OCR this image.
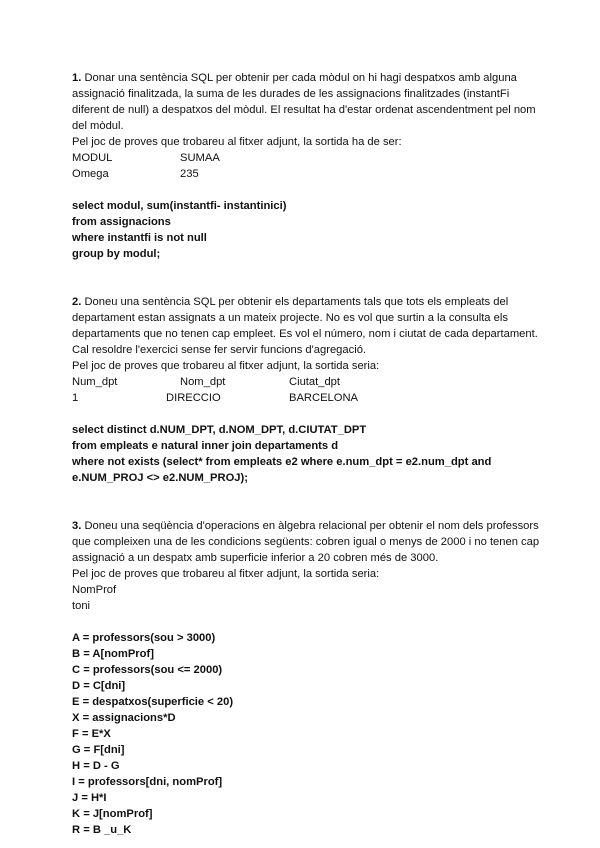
1. Donar una sentència SQL per obtenir per cada mòdul on hi hagi despatxos amb alguna assignació finalitzada, la suma de les durades de les assignacions finalitzades (instantFi diferent de null) a despatxos del mòdul. El resultat ha d'estar ordenat ascendentment pel nom del mòdul.

Pel joc de proves que trobareu al fitxer adjunt, la sortida ha de ser:

MODUL	SUMAA
Omega	235
select modul, sum(instantfi- instantinici)
from assignacions
where instantfi is not null
group by modul;

2. Doneu una sentència SQL per obtenir els departaments tals que tots els empleats del departament estan assignats a un mateix projecte. No es vol que surtin a la consulta els departaments que no tenen cap empleet. Es vol el número, nom i ciutat de cada departament. Cal resoldre l'exercici sense fer servir funcions d'agregació.

Pel joc de proves que trobareu al fitxer adjunt, la sortida seria:

Num_dpt	Nom_dpt	Ciutat_dpt
1	DIRECCIO	BARCELONA
select distinct d.NUM_DPT, d.NOM_DPT, d.CIUTAT_DPT
from empleats e natural inner join departaments d
where not exists (select* from empleats e2 where e.num_dpt = e2.num_dpt and
e.NUM_PROJ <> e2.NUM_PROJ);

3. Doneu una seqüència d'operacions en àlgebra relacional per obtenir el nom dels professors que compleixen una de les condicions següents: cobren igual o menys de 2000 i no tenen cap assignació a un despatx amb superficie inferior a 20 cobren més de 3000.

Pel joc de proves que trobareu al fitxer adjunt, la sortida seria:

NomProf
toni
A = professors(sou > 3000)
B = A[nomProf]
C = professors(sou <= 2000)
D = C[dni]
E = despatxos(superficie < 20)
X = assignacions*D
F = E*X
G = F[dni]
H = D - G
I = professors[dni, nomProf]
J = H*I
K = J[nomProf]
R = B _u_K
